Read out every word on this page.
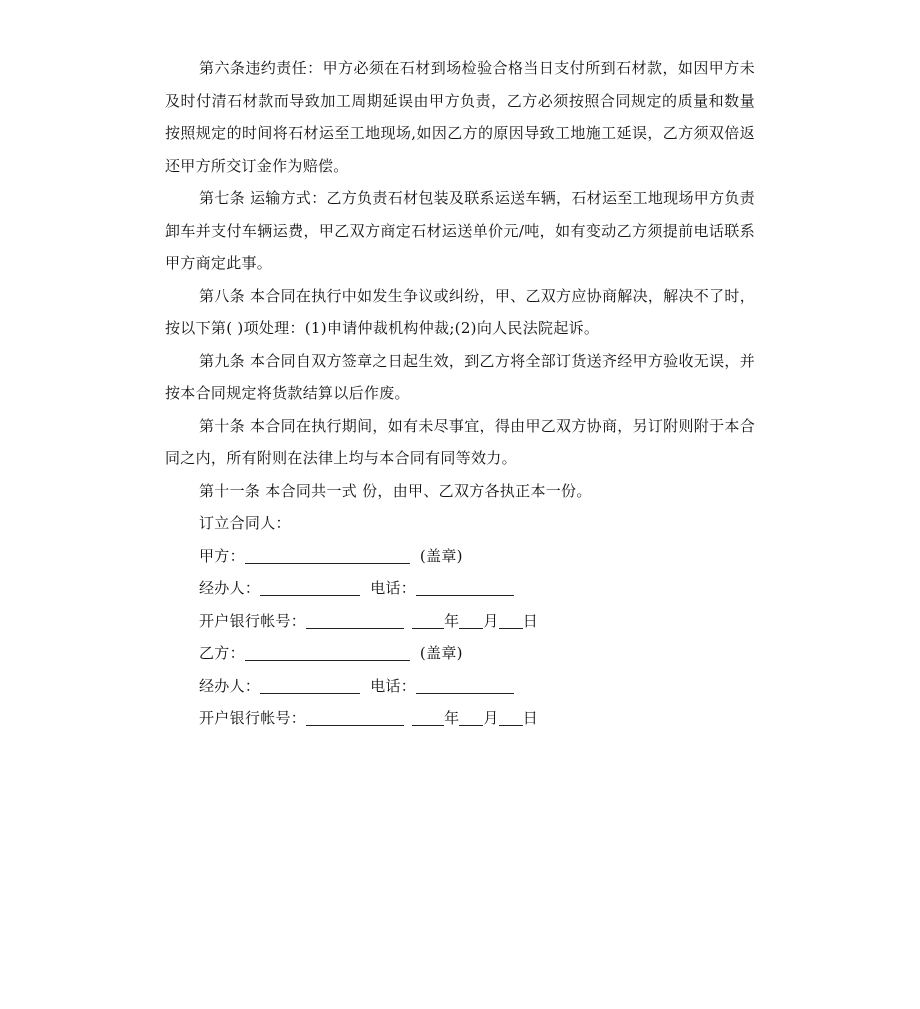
第六条违约责任：甲方必须在石材到场检验合格当日支付所到石材款，如因甲方未及时付清石材款而导致加工周期延误由甲方负责，乙方必须按照合同规定的质量和数量按照规定的时间将石材运至工地现场,如因乙方的原因导致工地施工延误，乙方须双倍返还甲方所交订金作为赔偿。

第七条 运输方式：乙方负责石材包装及联系运送车辆，石材运至工地现场甲方负责卸车并支付车辆运费，甲乙双方商定石材运送单价元/吨，如有变动乙方须提前电话联系甲方商定此事。

第八条 本合同在执行中如发生争议或纠纷，甲、乙双方应协商解决，解决不了时，按以下第( )项处理：(1)申请仲裁机构仲裁;(2)向人民法院起诉。

第九条 本合同自双方签章之日起生效，到乙方将全部订货送齐经甲方验收无误，并按本合同规定将货款结算以后作废。

第十条 本合同在执行期间，如有未尽事宜，得由甲乙双方协商，另订附则附于本合同之内，所有附则在法律上均与本合同有同等效力。

第十一条 本合同共一式 份，由甲、乙双方各执正本一份。

订立合同人：

甲方：	(盖章)
经办人：	电话：
开户银行帐号：	年 月 日
乙方：	(盖章)
经办人：	电话：
开户银行帐号：	年 月 日
